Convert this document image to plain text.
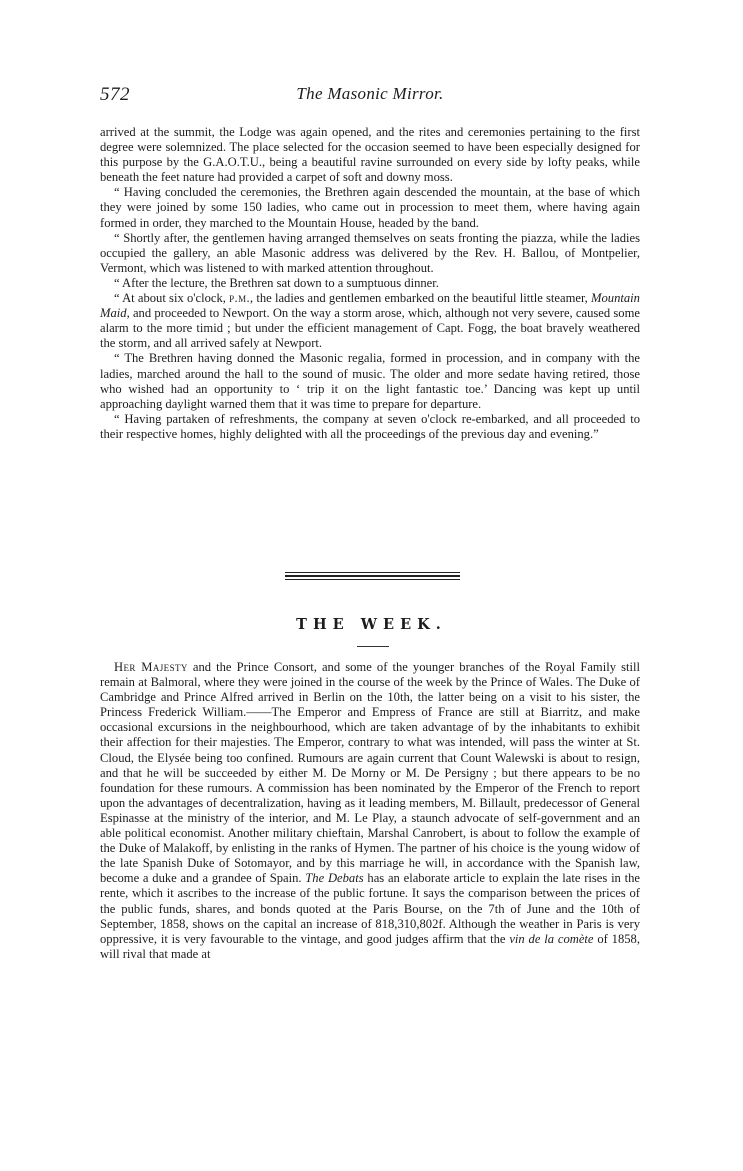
572	The Masonic Mirror.

arrived at the summit, the Lodge was again opened, and the rites and ceremonies pertaining to the first degree were solemnized. The place selected for the occasion seemed to have been especially designed for this purpose by the G.A.O.T.U., being a beautiful ravine surrounded on every side by lofty peaks, while beneath the feet nature had provided a carpet of soft and downy moss.

“ Having concluded the ceremonies, the Brethren again descended the mountain, at the base of which they were joined by some 150 ladies, who came out in procession to meet them, where having again formed in order, they marched to the Mountain House, headed by the band.

“ Shortly after, the gentlemen having arranged themselves on seats fronting the piazza, while the ladies occupied the gallery, an able Masonic address was delivered by the Rev. H. Ballou, of Montpelier, Vermont, which was listened to with marked attention throughout.

“ After the lecture, the Brethren sat down to a sumptuous dinner.

“ At about six o'clock, p.m., the ladies and gentlemen embarked on the beautiful little steamer, Mountain Maid, and proceeded to Newport. On the way a storm arose, which, although not very severe, caused some alarm to the more timid ; but under the efficient management of Capt. Fogg, the boat bravely weathered the storm, and all arrived safely at Newport.

“ The Brethren having donned the Masonic regalia, formed in procession, and in company with the ladies, marched around the hall to the sound of music. The older and more sedate having retired, those who wished had an opportunity to ‘ trip it on the light fantastic toe.’ Dancing was kept up until approaching daylight warned them that it was time to prepare for departure.

“ Having partaken of refreshments, the company at seven o'clock re-embarked, and all proceeded to their respective homes, highly delighted with all the proceedings of the previous day and evening.”

THE WEEK.

Her Majesty and the Prince Consort, and some of the younger branches of the Royal Family still remain at Balmoral, where they were joined in the course of the week by the Prince of Wales. The Duke of Cambridge and Prince Alfred arrived in Berlin on the 10th, the latter being on a visit to his sister, the Princess Frederick William.——The Emperor and Empress of France are still at Biarritz, and make occasional excursions in the neighbourhood, which are taken advantage of by the inhabitants to exhibit their affection for their majesties. The Emperor, contrary to what was intended, will pass the winter at St. Cloud, the Elysée being too confined. Rumours are again current that Count Walewski is about to resign, and that he will be succeeded by either M. De Morny or M. De Persigny ; but there appears to be no foundation for these rumours. A commission has been nominated by the Emperor of the French to report upon the advantages of decentralization, having as it leading members, M. Billault, predecessor of General Espinasse at the ministry of the interior, and M. Le Play, a staunch advocate of self-government and an able political economist. Another military chieftain, Marshal Canrobert, is about to follow the example of the Duke of Malakoff, by enlisting in the ranks of Hymen. The partner of his choice is the young widow of the late Spanish Duke of Sotomayor, and by this marriage he will, in accordance with the Spanish law, become a duke and a grandee of Spain. The Debats has an elaborate article to explain the late rises in the rente, which it ascribes to the increase of the public fortune. It says the comparison between the prices of the public funds, shares, and bonds quoted at the Paris Bourse, on the 7th of June and the 10th of September, 1858, shows on the capital an increase of 818,310,802f. Although the weather in Paris is very oppressive, it is very favourable to the vintage, and good judges affirm that the vin de la comète of 1858, will rival that made at
